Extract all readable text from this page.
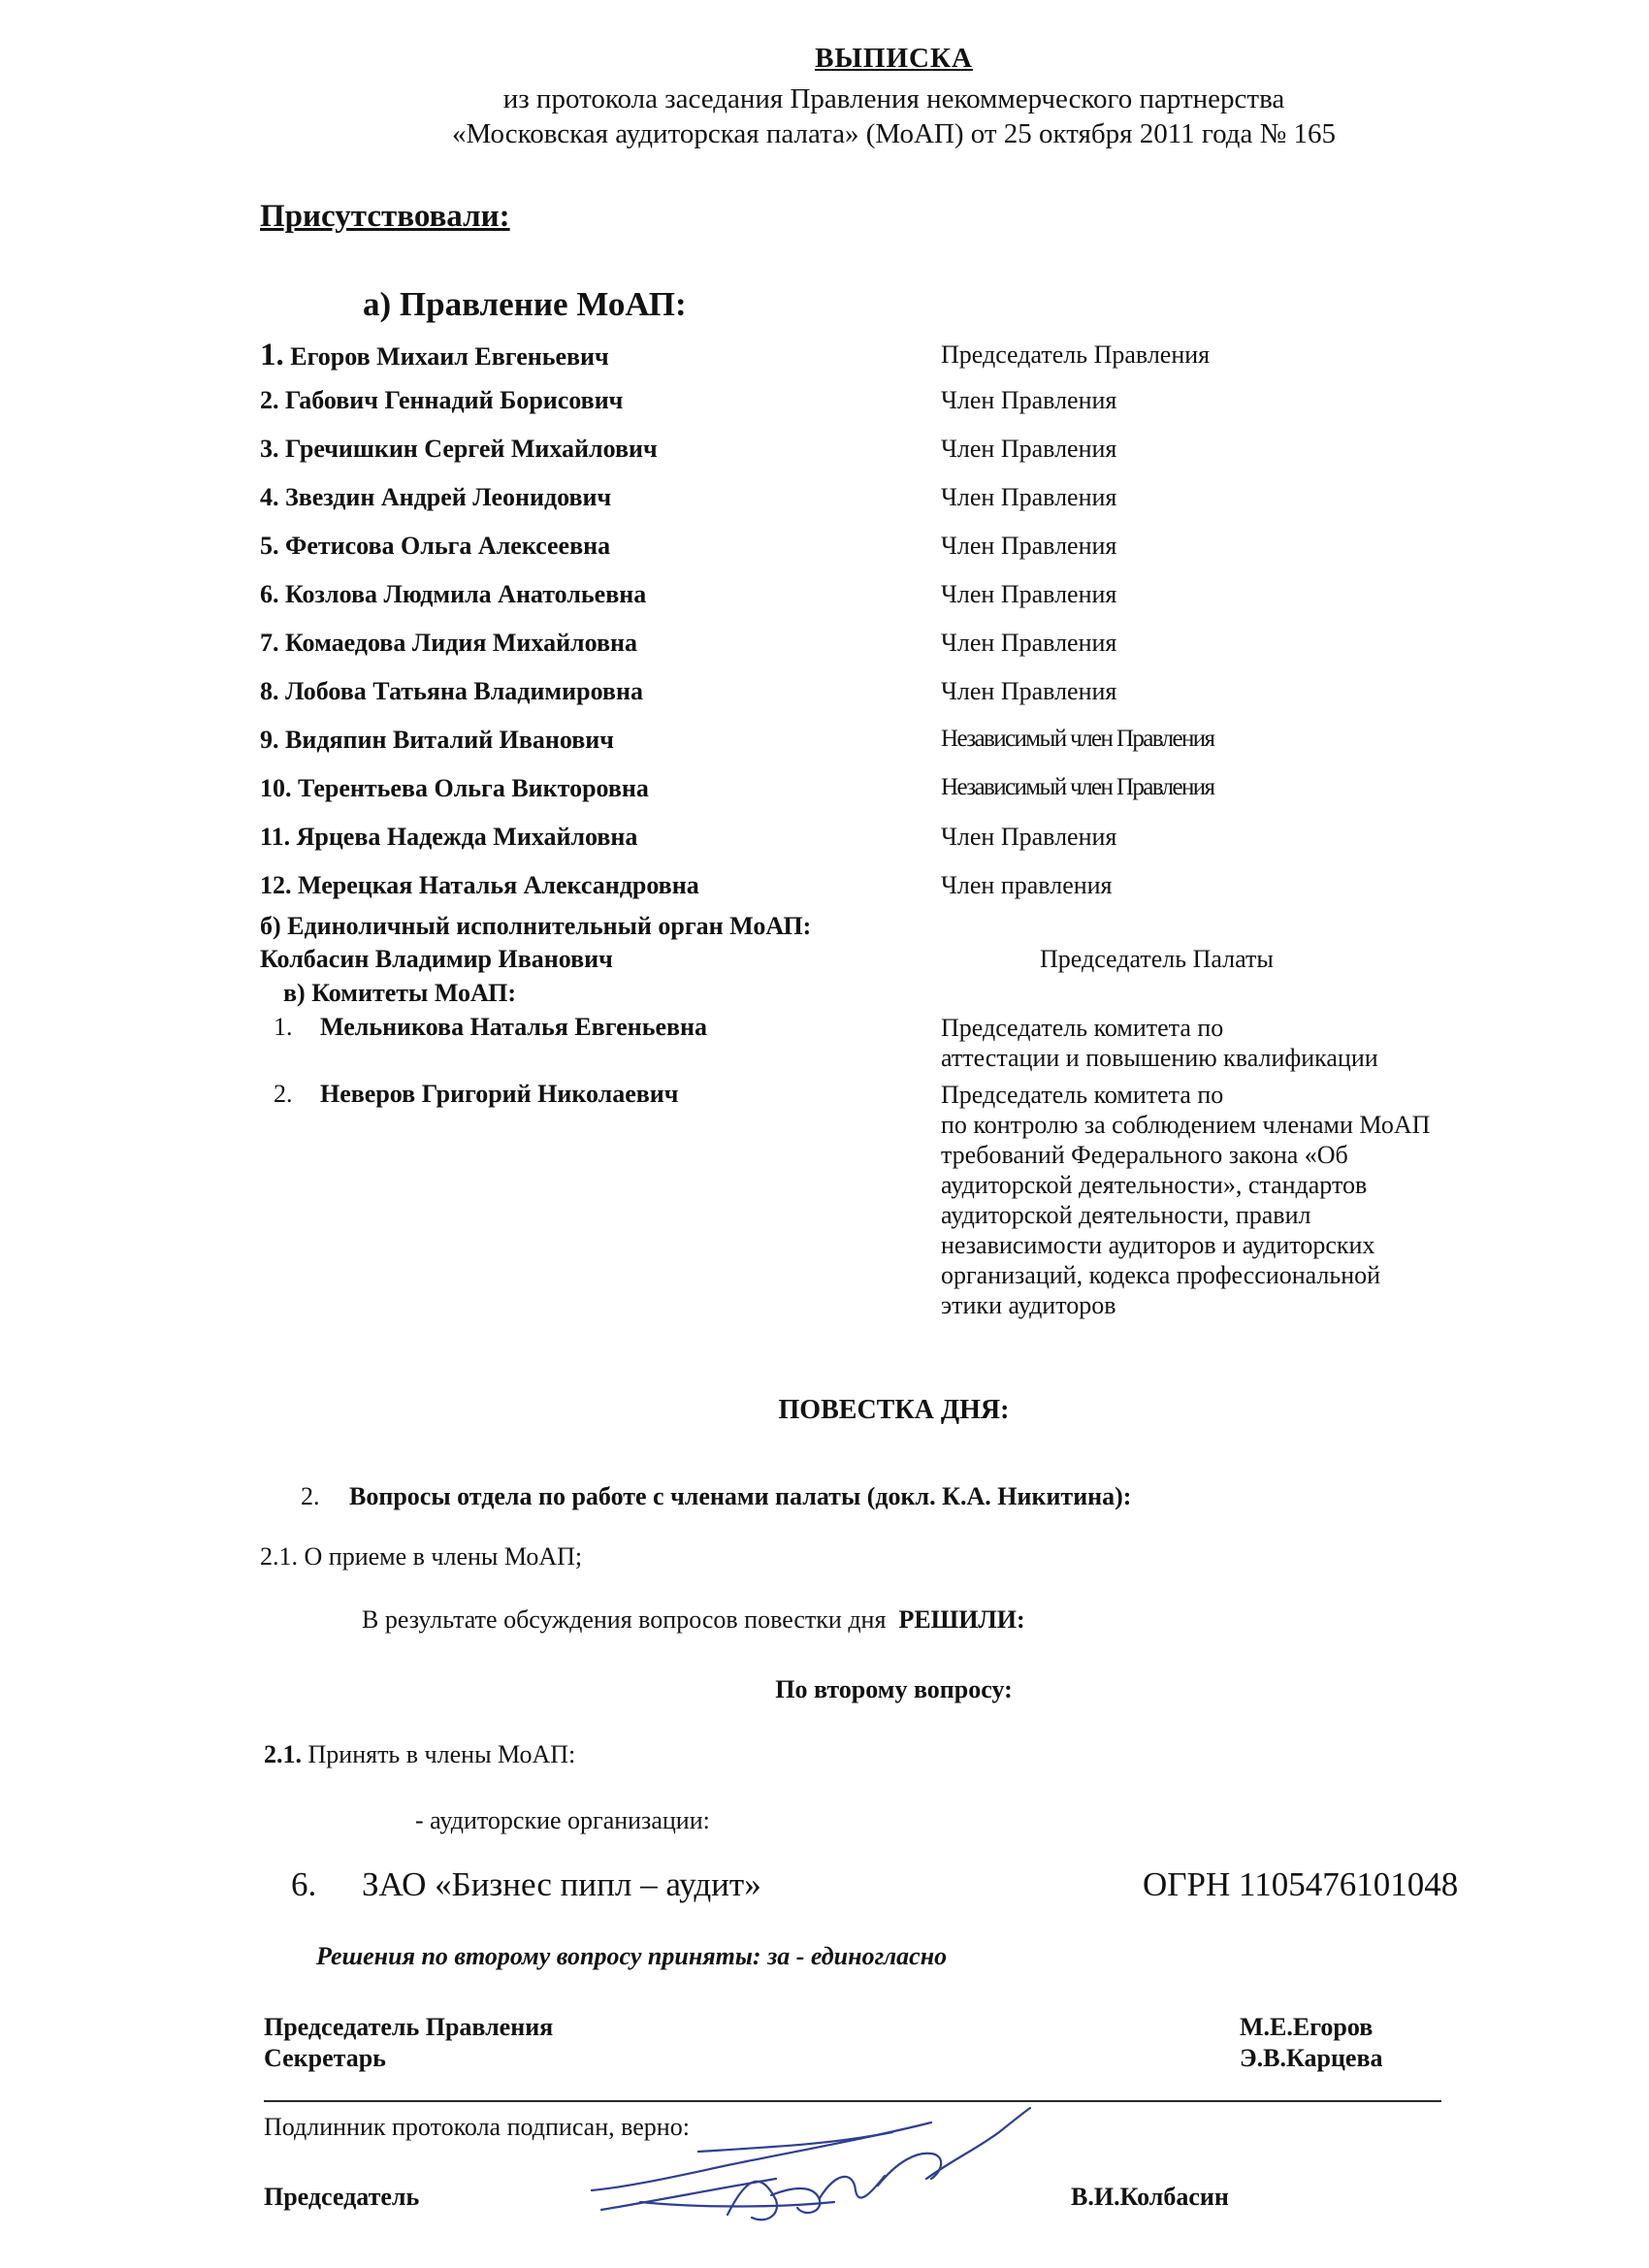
ВЫПИСКА
из протокола заседания Правления некоммерческого партнерства
«Московская аудиторская палата» (МоАП) от 25 октября 2011 года № 165
Присутствовали:
а) Правление МоАП:
1. Егоров Михаил Евгеньевич	Председатель Правления
2. Габович Геннадий Борисович	Член Правления
3. Гречишкин Сергей Михайлович	Член Правления
4. Звездин Андрей Леонидович	Член Правления
5. Фетисова Ольга Алексеевна	Член Правления
6. Козлова Людмила Анатольевна	Член Правления
7. Комаедова Лидия Михайловна	Член Правления
8. Лобова Татьяна Владимировна	Член Правления
9. Видяпин Виталий Иванович	Независимый член Правления
10. Терентьева Ольга Викторовна	Независимый член Правления
11. Ярцева Надежда Михайловна	Член Правления
12. Мерецкая Наталья Александровна	Член правления
б) Единоличный исполнительный орган МоАП:
Колбасин Владимир Иванович	Председатель Палаты
в) Комитеты МоАП:
1. Мельникова Наталья Евгеньевна	Председатель комитета по
аттестации и повышению квалификации
2. Неверов Григорий Николаевич	Председатель комитета по
по контролю за соблюдением членами МоАП
требований Федерального закона «Об
аудиторской деятельности», стандартов
аудиторской деятельности, правил
независимости аудиторов и аудиторских
организаций, кодекса профессиональной
этики аудиторов
ПОВЕСТКА ДНЯ:
2. Вопросы отдела по работе с членами палаты (докл. К.А. Никитина):
2.1. О приеме в члены МоАП;
В результате обсуждения вопросов повестки дня РЕШИЛИ:
По второму вопросу:
2.1. Принять в члены МоАП:
- аудиторские организации:
6. ЗАО «Бизнес пипл – аудит»	ОГРН 1105476101048
Решения по второму вопросу приняты: за - единогласно
Председатель Правления	М.Е.Егоров
Секретарь	Э.В.Карцева
Подлинник протокола подписан, верно:
Председатель	В.И.Колбасин
